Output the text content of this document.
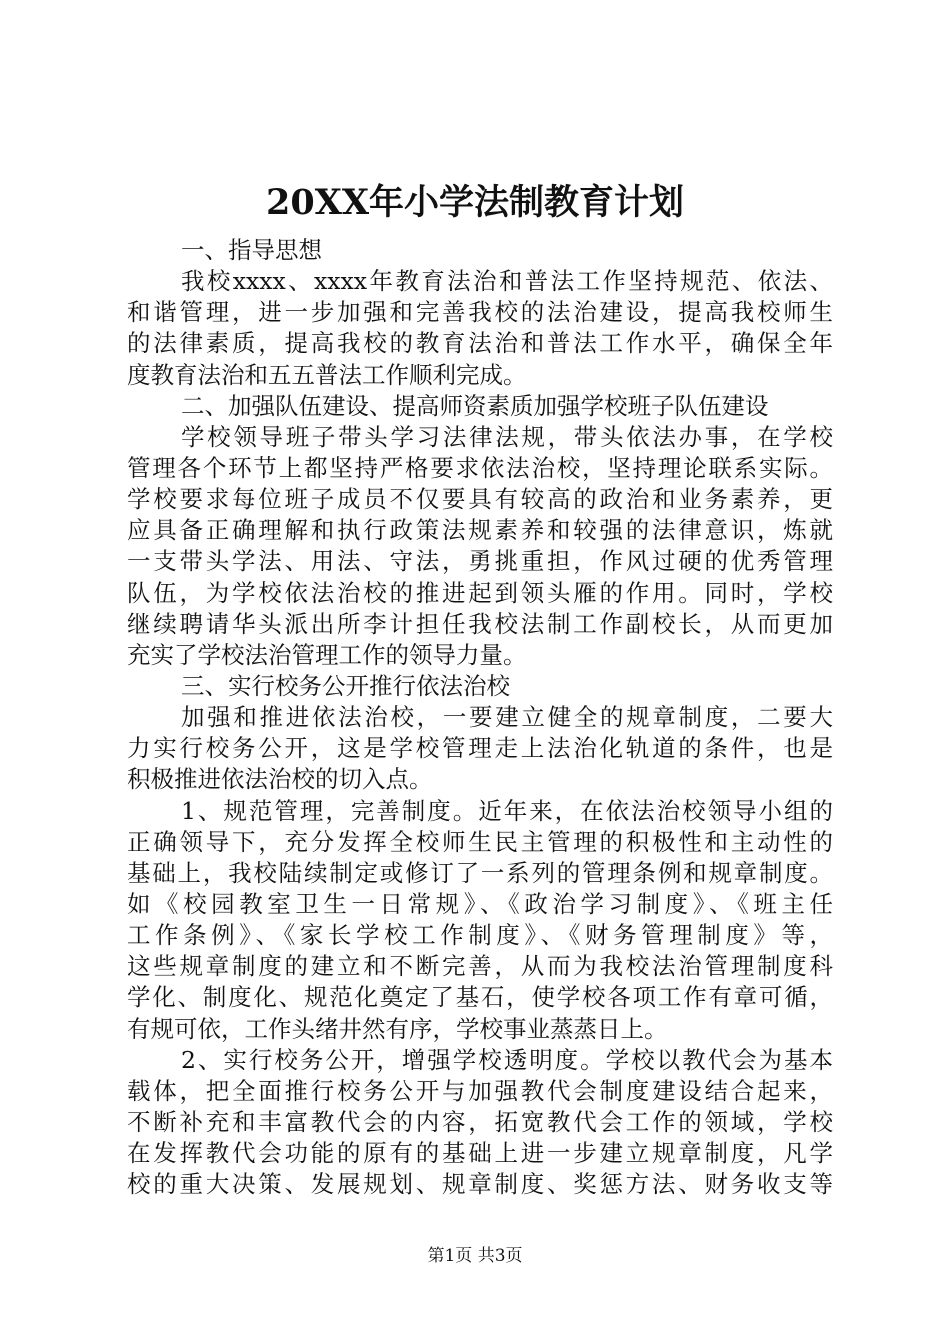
20XX年小学法制教育计划
一、指导思想
我校xxxx、xxxx年教育法治和普法工作坚持规范、依法、
和谐管理，进一步加强和完善我校的法治建设，提高我校师生
的法律素质，提高我校的教育法治和普法工作水平，确保全年
度教育法治和五五普法工作顺利完成。
二、加强队伍建设、提高师资素质加强学校班子队伍建设
学校领导班子带头学习法律法规，带头依法办事，在学校
管理各个环节上都坚持严格要求依法治校，坚持理论联系实际。
学校要求每位班子成员不仅要具有较高的政治和业务素养，更
应具备正确理解和执行政策法规素养和较强的法律意识，炼就
一支带头学法、用法、守法，勇挑重担，作风过硬的优秀管理
队伍，为学校依法治校的推进起到领头雁的作用。同时，学校
继续聘请华头派出所李计担任我校法制工作副校长，从而更加
充实了学校法治管理工作的领导力量。
三、实行校务公开推行依法治校
加强和推进依法治校，一要建立健全的规章制度，二要大
力实行校务公开，这是学校管理走上法治化轨道的条件，也是
积极推进依法治校的切入点。
1、规范管理，完善制度。近年来，在依法治校领导小组的
正确领导下，充分发挥全校师生民主管理的积极性和主动性的
基础上，我校陆续制定或修订了一系列的管理条例和规章制度。
如《校园教室卫生一日常规》、《政治学习制度》、《班主任
工作条例》、《家长学校工作制度》、《财务管理制度》等，
这些规章制度的建立和不断完善，从而为我校法治管理制度科
学化、制度化、规范化奠定了基石，使学校各项工作有章可循，
有规可依，工作头绪井然有序，学校事业蒸蒸日上。
2、实行校务公开，增强学校透明度。学校以教代会为基本
载体，把全面推行校务公开与加强教代会制度建设结合起来，
不断补充和丰富教代会的内容，拓宽教代会工作的领域，学校
在发挥教代会功能的原有的基础上进一步建立规章制度，凡学
校的重大决策、发展规划、规章制度、奖惩方法、财务收支等
第1页 共3页
